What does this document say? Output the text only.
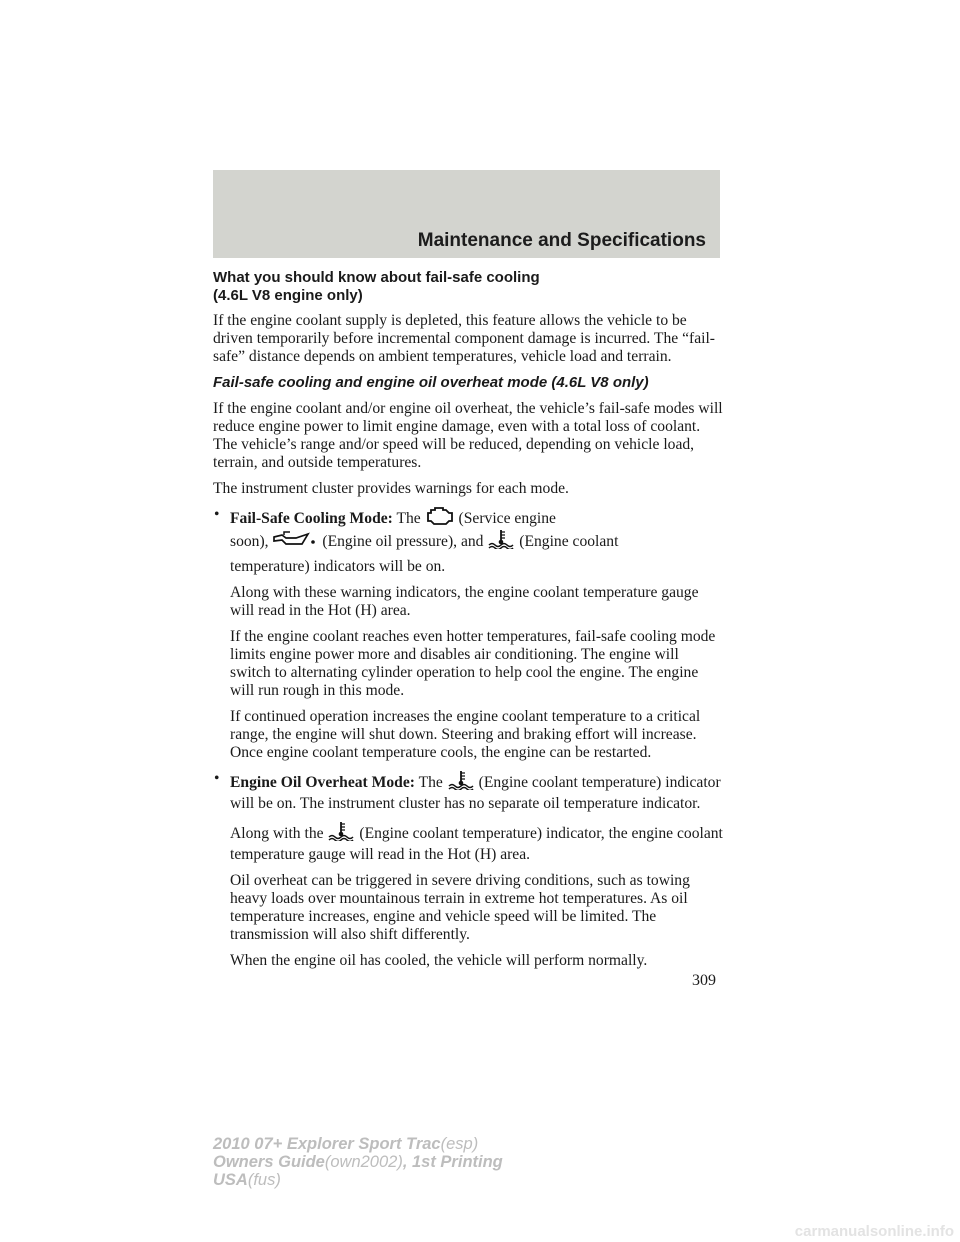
Maintenance and Specifications
What you should know about fail-safe cooling
(4.6L V8 engine only)

If the engine coolant supply is depleted, this feature allows the vehicle to be driven temporarily before incremental component damage is incurred. The “fail-safe” distance depends on ambient temperatures, vehicle load and terrain.

Fail-safe cooling and engine oil overheat mode (4.6L V8 only)

If the engine coolant and/or engine oil overheat, the vehicle’s fail-safe modes will reduce engine power to limit engine damage, even with a total loss of coolant. The vehicle’s range and/or speed will be reduced, depending on vehicle load, terrain, and outside temperatures.

The instrument cluster provides warnings for each mode.

• Fail-Safe Cooling Mode: The (Service engine
soon),	(Engine oil pressure), and (Engine coolant
temperature) indicators will be on.

Along with these warning indicators, the engine coolant temperature gauge will read in the Hot (H) area.

If the engine coolant reaches even hotter temperatures, fail-safe cooling mode limits engine power more and disables air conditioning. The engine will switch to alternating cylinder operation to help cool the engine. The engine will run rough in this mode.

If continued operation increases the engine coolant temperature to a critical range, the engine will shut down. Steering and braking effort will increase. Once engine coolant temperature cools, the engine can be restarted.

• Engine Oil Overheat Mode: The (Engine coolant temperature) indicator will be on. The instrument cluster has no separate oil temperature indicator.

Along with the (Engine coolant temperature) indicator, the engine coolant temperature gauge will read in the Hot (H) area.

Oil overheat can be triggered in severe driving conditions, such as towing heavy loads over mountainous terrain in extreme hot temperatures. As oil temperature increases, engine and vehicle speed will be limited. The transmission will also shift differently.

When the engine oil has cooled, the vehicle will perform normally.

309
2010 07+ Explorer Sport Trac(esp)
Owners Guide(own2002), 1st Printing
USA(fus)
carmanualsonline.info
